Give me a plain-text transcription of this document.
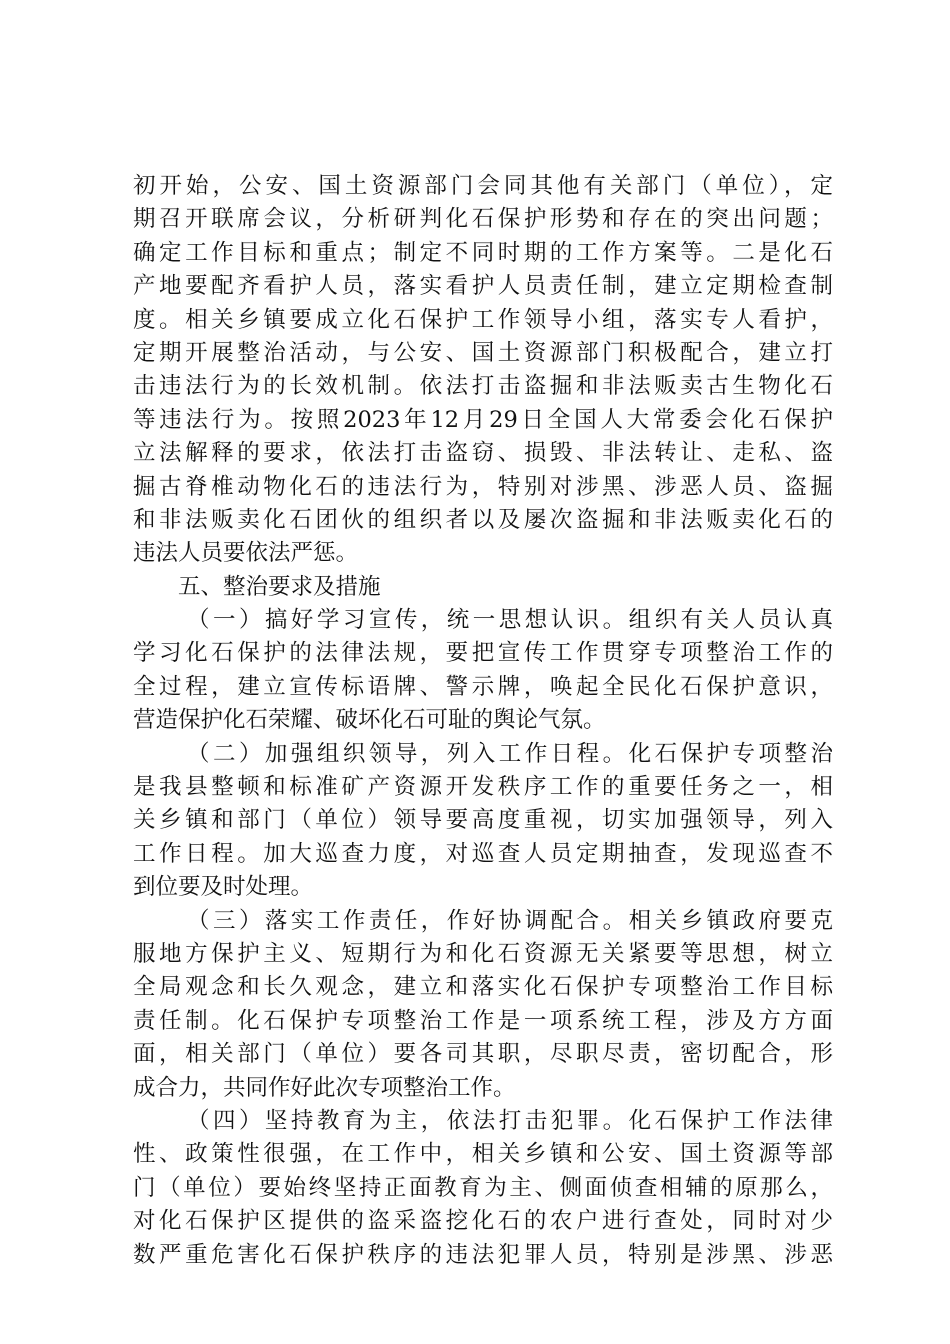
初开始，公安、国土资源部门会同其他有关部门（单位），定
期召开联席会议，分析研判化石保护形势和存在的突出问题；
确定工作目标和重点；制定不同时期的工作方案等。二是化石
产地要配齐看护人员，落实看护人员责任制，建立定期检查制
度。相关乡镇要成立化石保护工作领导小组，落实专人看护，
定期开展整治活动，与公安、国土资源部门积极配合，建立打
击违法行为的长效机制。依法打击盗掘和非法贩卖古生物化石
等违法行为。按照2023年12月29日全国人大常委会化石保护
立法解释的要求，依法打击盗窃、损毁、非法转让、走私、盗
掘古脊椎动物化石的违法行为，特别对涉黑、涉恶人员、盗掘
和非法贩卖化石团伙的组织者以及屡次盗掘和非法贩卖化石的
违法人员要依法严惩。
五、整治要求及措施
（一）搞好学习宣传，统一思想认识。组织有关人员认真
学习化石保护的法律法规，要把宣传工作贯穿专项整治工作的
全过程，建立宣传标语牌、警示牌，唤起全民化石保护意识，
营造保护化石荣耀、破坏化石可耻的舆论气氛。
（二）加强组织领导，列入工作日程。化石保护专项整治
是我县整顿和标准矿产资源开发秩序工作的重要任务之一，相
关乡镇和部门（单位）领导要高度重视，切实加强领导，列入
工作日程。加大巡查力度，对巡查人员定期抽查，发现巡查不
到位要及时处理。
（三）落实工作责任，作好协调配合。相关乡镇政府要克
服地方保护主义、短期行为和化石资源无关紧要等思想，树立
全局观念和长久观念，建立和落实化石保护专项整治工作目标
责任制。化石保护专项整治工作是一项系统工程，涉及方方面
面，相关部门（单位）要各司其职，尽职尽责，密切配合，形
成合力，共同作好此次专项整治工作。
（四）坚持教育为主，依法打击犯罪。化石保护工作法律
性、政策性很强，在工作中，相关乡镇和公安、国土资源等部
门（单位）要始终坚持正面教育为主、侧面侦查相辅的原那么，
对化石保护区提供的盗采盗挖化石的农户进行查处，同时对少
数严重危害化石保护秩序的违法犯罪人员，特别是涉黑、涉恶
